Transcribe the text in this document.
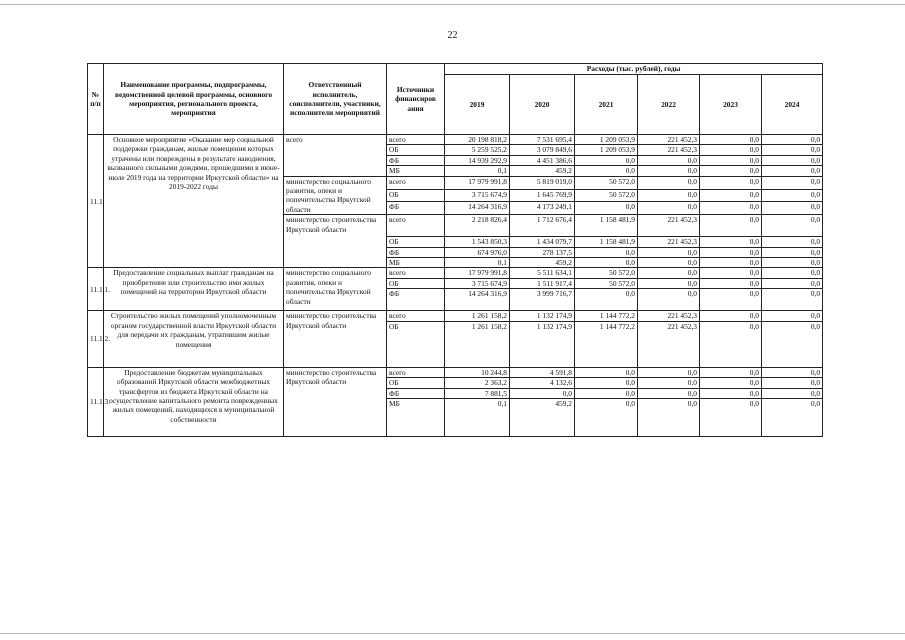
22
№ п/п	Наименование программы, подпрограммы, ведомственной целевой программы, основного мероприятия, регионального проекта, мероприятия	Ответственный исполнитель, соисполнители, участники, исполнители мероприятий	Источники финансиров ания	Расходы (тыс. рублей), годы					
				2019	2020	2021	2022	2023	2024
11.1.	Основное мероприятие «Оказание мер социальной поддержки гражданам, жилые помещения которых утрачены или повреждены в результате наводнения, вызванного сильными дождями, прошедшими в июне-июле 2019 года на территории Иркутской области» на 2019-2022 годы	всего	всего	20 198 818,2	7 531 695,4	1 209 053,9	221 452,3	0,0	0,0
			ОБ	5 259 525,2	3 079 849,6	1 209 053,9	221 452,3	0,0	0,0
			ФБ	14 939 292,9	4 451 386,6	0,0	0,0	0,0	0,0
			МБ	0,1	459,2	0,0	0,0	0,0	0,0
		министерство социального развития, опеки и попечительства Иркутской области	всего	17 979 991,8	5 819 019,0	50 572,0	0,0	0,0	0,0
			ОБ	3 715 674,9	1 645 769,9	50 572,0	0,0	0,0	0,0
			ФБ	14 264 316,9	4 173 249,1	0,0	0,0	0,0	0,0
		министерство строительства Иркутской области	всего	2 218 826,4	1 712 676,4	1 158 481,9	221 452,3	0,0	0,0
			ОБ	1 543 850,3	1 434 079,7	1 158 481,9	221 452,3	0,0	0,0
			ФБ	674 976,0	278 137,5	0,0	0,0	0,0	0,0
			МБ	0,1	459,2	0,0	0,0	0,0	0,0
11.1.1.	Предоставление социальных выплат гражданам на приобретение или строительство ими жилых помещений на территории Иркутской области	министерство социального развития, опеки и попечительства Иркутской области	всего	17 979 991,8	5 511 634,1	50 572,0	0,0	0,0	0,0
			ОБ	3 715 674,9	1 511 917,4	50 572,0	0,0	0,0	0,0
			ФБ	14 264 316,9	3 999 716,7	0,0	0,0	0,0	0,0
11.1.2.	Строительство жилых помещений уполномоченным органом государственной власти Иркутской области для передачи их гражданам, утратившим жилые помещения	министерство строительства Иркутской области	всего	1 261 158,2	1 132 174,9	1 144 772,2	221 452,3	0,0	0,0
			ОБ	1 261 158,2	1 132 174,9	1 144 772,2	221 452,3	0,0	0,0
11.1.3.	Предоставление бюджетам муниципальных образований Иркутской области межбюджетных трансфертов из бюджета Иркутской области на осуществление капитального ремонта поврежденных жилых помещений, находящихся в муниципальной собственности	министерство строительства Иркутской области	всего	10 244,8	4 591,8	0,0	0,0	0,0	0,0
			ОБ	2 363,2	4 132,6	0,0	0,0	0,0	0,0
			ФБ	7 881,5	0,0	0,0	0,0	0,0	0,0
			МБ	0,1	459,2	0,0	0,0	0,0	0,0
